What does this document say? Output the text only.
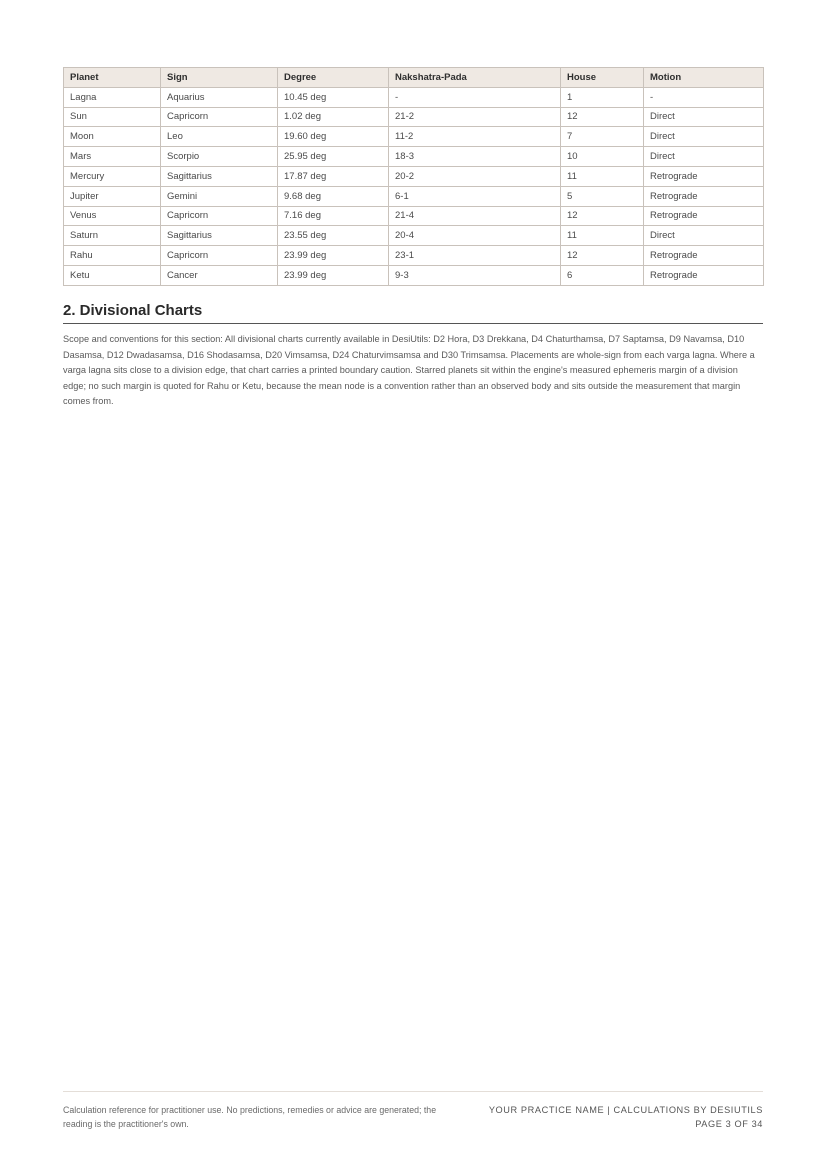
Planet	Sign	Degree	Nakshatra-Pada	House	Motion
Lagna	Aquarius	10.45 deg	-	1	-
Sun	Capricorn	1.02 deg	21-2	12	Direct
Moon	Leo	19.60 deg	11-2	7	Direct
Mars	Scorpio	25.95 deg	18-3	10	Direct
Mercury	Sagittarius	17.87 deg	20-2	11	Retrograde
Jupiter	Gemini	9.68 deg	6-1	5	Retrograde
Venus	Capricorn	7.16 deg	21-4	12	Retrograde
Saturn	Sagittarius	23.55 deg	20-4	11	Direct
Rahu	Capricorn	23.99 deg	23-1	12	Retrograde
Ketu	Cancer	23.99 deg	9-3	6	Retrograde
2. Divisional Charts

Scope and conventions for this section: All divisional charts currently available in DesiUtils: D2 Hora, D3 Drekkana, D4 Chaturthamsa, D7 Saptamsa, D9 Navamsa, D10 Dasamsa, D12 Dwadasamsa, D16 Shodasamsa, D20 Vimsamsa, D24 Chaturvimsamsa and D30 Trimsamsa. Placements are whole-sign from each varga lagna. Where a varga lagna sits close to a division edge, that chart carries a printed boundary caution. Starred planets sit within the engine's measured ephemeris margin of a division edge; no such margin is quoted for Rahu or Ketu, because the mean node is a convention rather than an observed body and sits outside the measurement that margin comes from.

Calculation reference for practitioner use. No predictions, remedies or advice are generated; the reading is the practitioner's own.
YOUR PRACTICE NAME | CALCULATIONS BY DESIUTILS
PAGE 3 OF 34
